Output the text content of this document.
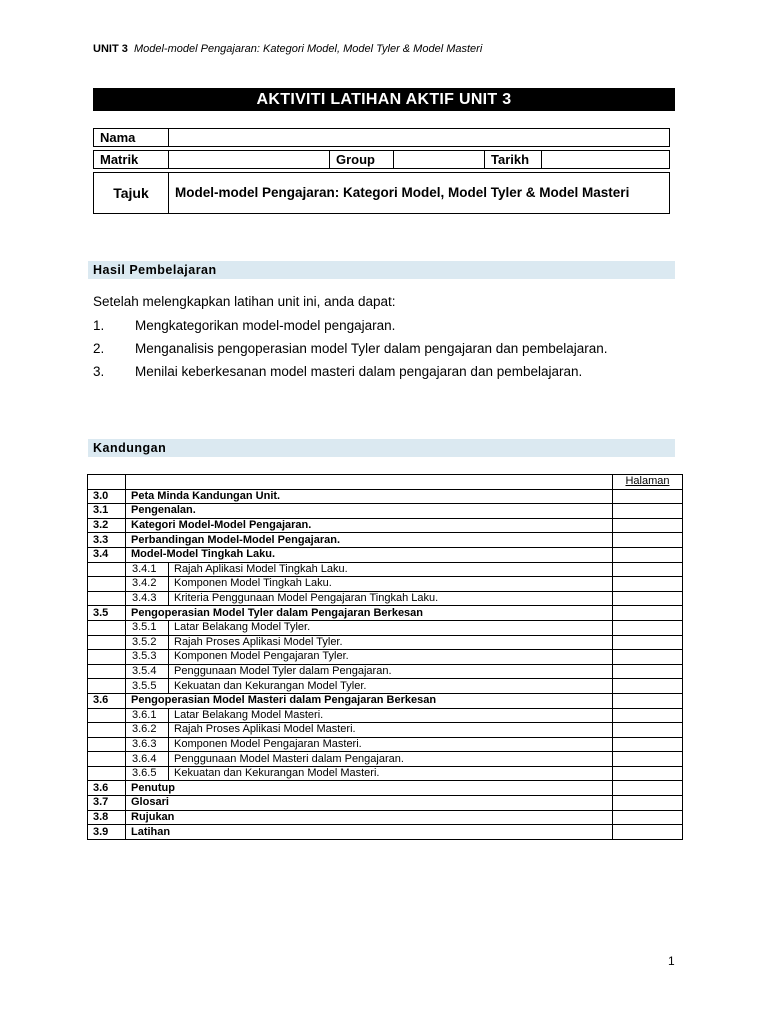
UNIT 3 Model-model Pengajaran: Kategori Model, Model Tyler & Model Masteri
AKTIVITI LATIHAN AKTIF UNIT 3
Nama	
Matrik		Group		Tarikh	
Tajuk	Model-model Pengajaran: Kategori Model, Model Tyler & Model Masteri
Hasil Pembelajaran
Setelah melengkapkan latihan unit ini, anda dapat:
1. Mengkategorikan model-model pengajaran.
2. Menganalisis pengoperasian model Tyler dalam pengajaran dan pembelajaran.
3. Menilai keberkesanan model masteri dalam pengajaran dan pembelajaran.
Kandungan
			Halaman
3.0	Peta Minda Kandungan Unit.		
3.1	Pengenalan.		
3.2	Kategori Model-Model Pengajaran.		
3.3	Perbandingan Model-Model Pengajaran.		
3.4	Model-Model Tingkah Laku.		
	3.4.1	Rajah Aplikasi Model Tingkah Laku.	
	3.4.2	Komponen Model Tingkah Laku.	
	3.4.3	Kriteria Penggunaan Model Pengajaran Tingkah Laku.	
3.5	Pengoperasian Model Tyler dalam Pengajaran Berkesan		
	3.5.1	Latar Belakang Model Tyler.	
	3.5.2	Rajah Proses Aplikasi Model Tyler.	
	3.5.3	Komponen Model Pengajaran Tyler.	
	3.5.4	Penggunaan Model Tyler dalam Pengajaran.	
	3.5.5	Kekuatan dan Kekurangan Model Tyler.	
3.6	Pengoperasian Model Masteri dalam Pengajaran Berkesan		
	3.6.1	Latar Belakang Model Masteri.	
	3.6.2	Rajah Proses Aplikasi Model Masteri.	
	3.6.3	Komponen Model Pengajaran Masteri.	
	3.6.4	Penggunaan Model Masteri dalam Pengajaran.	
	3.6.5	Kekuatan dan Kekurangan Model Masteri.	
3.6	Penutup		
3.7	Glosari		
3.8	Rujukan		
3.9	Latihan		
1
